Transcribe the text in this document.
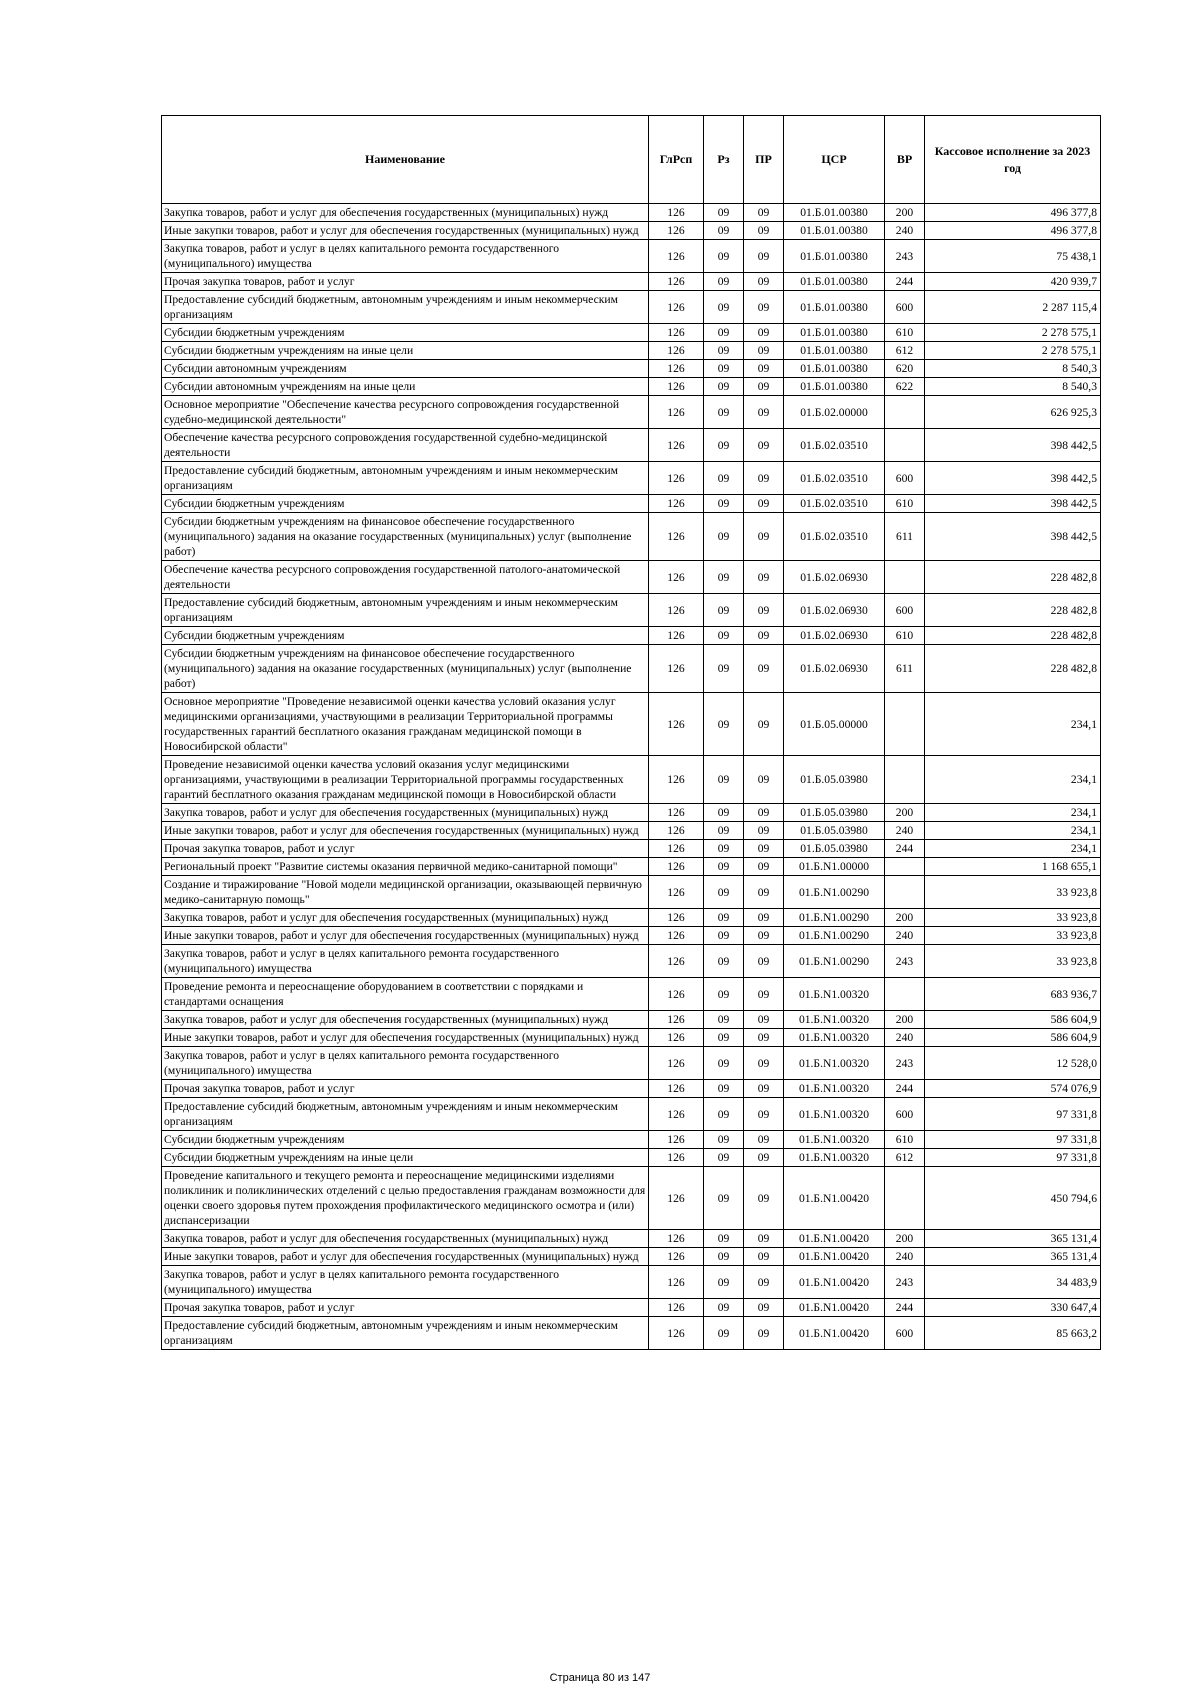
Наименование	ГлРсп	Рз	ПР	ЦСР	ВР	Кассовое исполнение за 2023 год
Закупка товаров, работ и услуг для обеспечения государственных (муниципальных) нужд	126	09	09	01.Б.01.00380	200	496 377,8
Иные закупки товаров, работ и услуг для обеспечения государственных (муниципальных) нужд	126	09	09	01.Б.01.00380	240	496 377,8
Закупка товаров, работ и услуг в целях капитального ремонта государственного (муниципального) имущества	126	09	09	01.Б.01.00380	243	75 438,1
Прочая закупка товаров, работ и услуг	126	09	09	01.Б.01.00380	244	420 939,7
Предоставление субсидий бюджетным, автономным учреждениям и иным некоммерческим организациям	126	09	09	01.Б.01.00380	600	2 287 115,4
Субсидии бюджетным учреждениям	126	09	09	01.Б.01.00380	610	2 278 575,1
Субсидии бюджетным учреждениям на иные цели	126	09	09	01.Б.01.00380	612	2 278 575,1
Субсидии автономным учреждениям	126	09	09	01.Б.01.00380	620	8 540,3
Субсидии автономным учреждениям на иные цели	126	09	09	01.Б.01.00380	622	8 540,3
Основное мероприятие "Обеспечение качества ресурсного сопровождения государственной судебно-медицинской деятельности"	126	09	09	01.Б.02.00000		626 925,3
Обеспечение качества ресурсного сопровождения государственной судебно-медицинской деятельности	126	09	09	01.Б.02.03510		398 442,5
Предоставление субсидий бюджетным, автономным учреждениям и иным некоммерческим организациям	126	09	09	01.Б.02.03510	600	398 442,5
Субсидии бюджетным учреждениям	126	09	09	01.Б.02.03510	610	398 442,5
Субсидии бюджетным учреждениям на финансовое обеспечение государственного (муниципального) задания на оказание государственных (муниципальных) услуг (выполнение работ)	126	09	09	01.Б.02.03510	611	398 442,5
Обеспечение качества ресурсного сопровождения государственной патолого-анатомической деятельности	126	09	09	01.Б.02.06930		228 482,8
Предоставление субсидий бюджетным, автономным учреждениям и иным некоммерческим организациям	126	09	09	01.Б.02.06930	600	228 482,8
Субсидии бюджетным учреждениям	126	09	09	01.Б.02.06930	610	228 482,8
Субсидии бюджетным учреждениям на финансовое обеспечение государственного (муниципального) задания на оказание государственных (муниципальных) услуг (выполнение работ)	126	09	09	01.Б.02.06930	611	228 482,8
Основное мероприятие "Проведение независимой оценки качества условий оказания услуг медицинскими организациями, участвующими в реализации Территориальной программы государственных гарантий бесплатного оказания гражданам медицинской помощи в Новосибирской области"	126	09	09	01.Б.05.00000		234,1
Проведение независимой оценки качества условий оказания услуг медицинскими организациями, участвующими в реализации Территориальной программы государственных гарантий бесплатного оказания гражданам медицинской помощи в Новосибирской области	126	09	09	01.Б.05.03980		234,1
Закупка товаров, работ и услуг для обеспечения государственных (муниципальных) нужд	126	09	09	01.Б.05.03980	200	234,1
Иные закупки товаров, работ и услуг для обеспечения государственных (муниципальных) нужд	126	09	09	01.Б.05.03980	240	234,1
Прочая закупка товаров, работ и услуг	126	09	09	01.Б.05.03980	244	234,1
Региональный проект "Развитие системы оказания первичной медико-санитарной помощи"	126	09	09	01.Б.N1.00000		1 168 655,1
Создание и тиражирование "Новой модели медицинской организации, оказывающей первичную медико-санитарную помощь"	126	09	09	01.Б.N1.00290		33 923,8
Закупка товаров, работ и услуг для обеспечения государственных (муниципальных) нужд	126	09	09	01.Б.N1.00290	200	33 923,8
Иные закупки товаров, работ и услуг для обеспечения государственных (муниципальных) нужд	126	09	09	01.Б.N1.00290	240	33 923,8
Закупка товаров, работ и услуг в целях капитального ремонта государственного (муниципального) имущества	126	09	09	01.Б.N1.00290	243	33 923,8
Проведение ремонта и переоснащение оборудованием в соответствии с порядками и стандартами оснащения	126	09	09	01.Б.N1.00320		683 936,7
Закупка товаров, работ и услуг для обеспечения государственных (муниципальных) нужд	126	09	09	01.Б.N1.00320	200	586 604,9
Иные закупки товаров, работ и услуг для обеспечения государственных (муниципальных) нужд	126	09	09	01.Б.N1.00320	240	586 604,9
Закупка товаров, работ и услуг в целях капитального ремонта государственного (муниципального) имущества	126	09	09	01.Б.N1.00320	243	12 528,0
Прочая закупка товаров, работ и услуг	126	09	09	01.Б.N1.00320	244	574 076,9
Предоставление субсидий бюджетным, автономным учреждениям и иным некоммерческим организациям	126	09	09	01.Б.N1.00320	600	97 331,8
Субсидии бюджетным учреждениям	126	09	09	01.Б.N1.00320	610	97 331,8
Субсидии бюджетным учреждениям на иные цели	126	09	09	01.Б.N1.00320	612	97 331,8
Проведение капитального и текущего ремонта и переоснащение медицинскими изделиями поликлиник и поликлинических отделений с целью предоставления гражданам возможности для оценки своего здоровья путем прохождения профилактического медицинского осмотра и (или) диспансеризации	126	09	09	01.Б.N1.00420		450 794,6
Закупка товаров, работ и услуг для обеспечения государственных (муниципальных) нужд	126	09	09	01.Б.N1.00420	200	365 131,4
Иные закупки товаров, работ и услуг для обеспечения государственных (муниципальных) нужд	126	09	09	01.Б.N1.00420	240	365 131,4
Закупка товаров, работ и услуг в целях капитального ремонта государственного (муниципального) имущества	126	09	09	01.Б.N1.00420	243	34 483,9
Прочая закупка товаров, работ и услуг	126	09	09	01.Б.N1.00420	244	330 647,4
Предоставление субсидий бюджетным, автономным учреждениям и иным некоммерческим организациям	126	09	09	01.Б.N1.00420	600	85 663,2
Страница 80 из 147
